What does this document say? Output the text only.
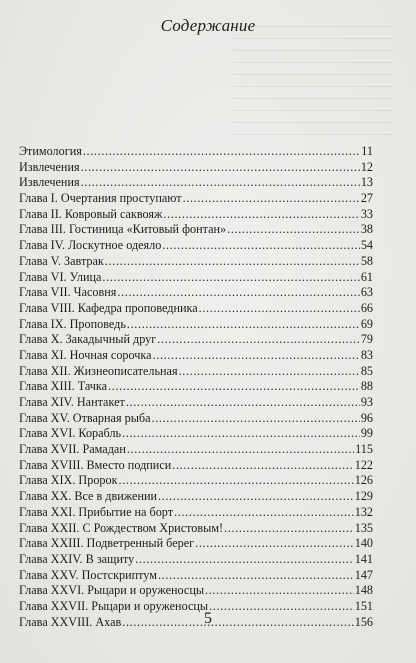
Содержание
Этимология . . .	11
Извлечения . . .	12
Извлечения . . .	13
Глава I. Очертания проступают . . .	27
Глава II. Ковровый саквояж . . .	33
Глава III. Гостиница «Китовый фонтан» . . .	38
Глава IV. Лоскутное одеяло . . .	54
Глава V. Завтрак . . .	58
Глава VI. Улица . . .	61
Глава VII. Часовня . . .	63
Глава VIII. Кафедра проповедника . . .	66
Глава IX. Проповедь . . .	69
Глава X. Закадычный друг . . .	79
Глава XI. Ночная сорочка . . .	83
Глава XII. Жизнеописательная . . .	85
Глава XIII. Тачка . . .	88
Глава XIV. Нантакет . . .	93
Глава XV. Отварная рыба . . .	96
Глава XVI. Корабль . . .	99
Глава XVII. Рамадан . . .	115
Глава XVIII. Вместо подписи . . .	122
Глава XIX. Пророк . . .	126
Глава XX. Все в движении . . .	129
Глава XXI. Прибытие на борт . . .	132
Глава XXII. С Рождеством Христовым! . . .	135
Глава XXIII. Подветренный берег . . .	140
Глава XXIV. В защиту . . .	141
Глава XXV. Постскриптум . . .	147
Глава XXVI. Рыцари и оруженосцы . . .	148
Глава XXVII. Рыцари и оруженосцы . . .	151
Глава XXVIII. Ахав . . .	156
5
